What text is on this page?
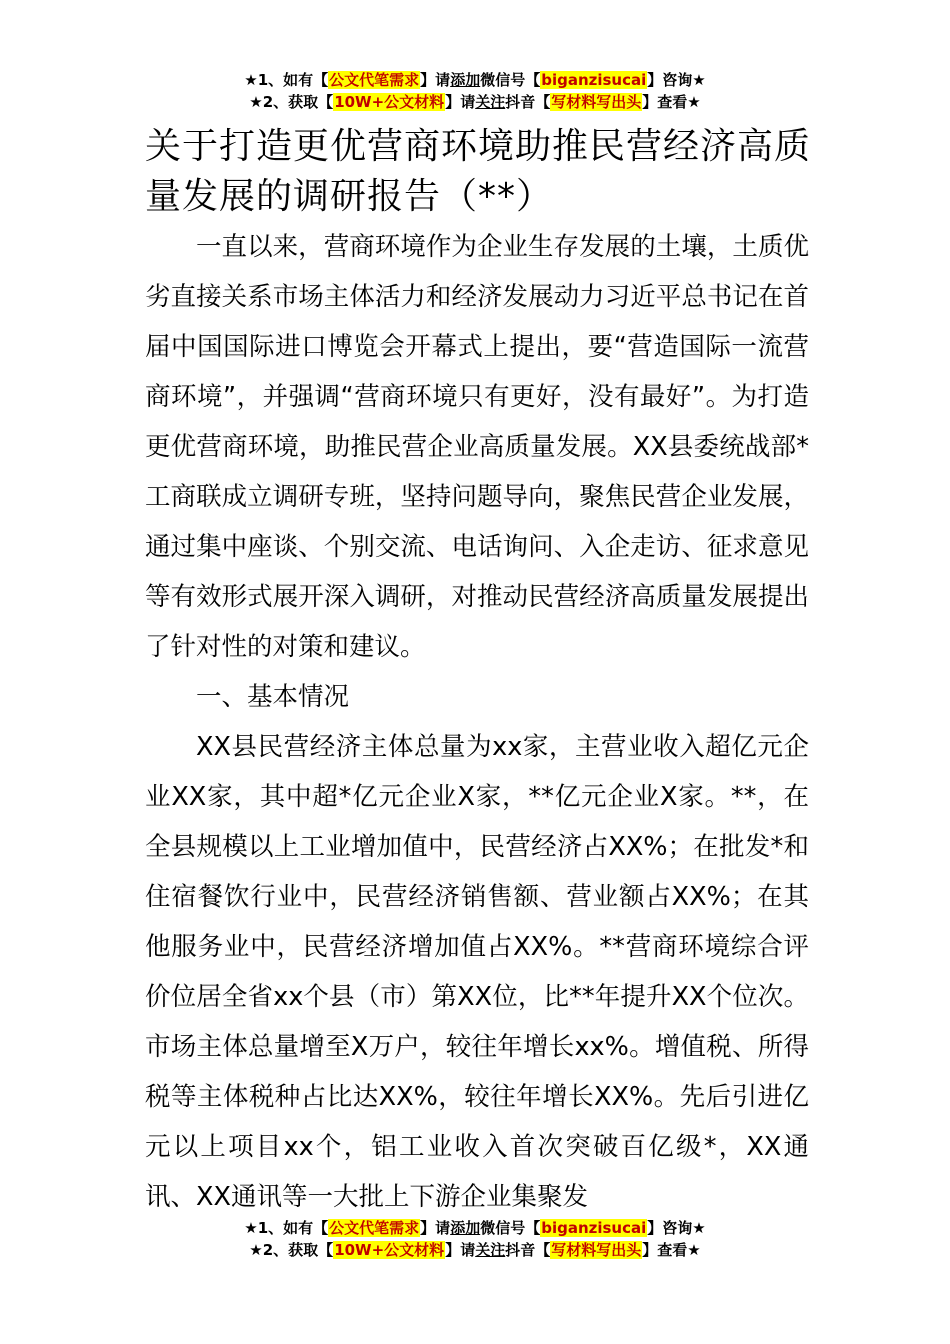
★1、如有【公文代笔需求】请添加微信号【biganzisucai】咨询★
★2、获取【10W+公文材料】请关注抖音【写材料写出头】查看★
关于打造更优营商环境助推民营经济高质量发展的调研报告（**）

一直以来，营商环境作为企业生存发展的土壤，土质优劣直接关系市场主体活力和经济发展动力习近平总书记在首届中国国际进口博览会开幕式上提出，要“营造国际一流营商环境”，并强调“营商环境只有更好，没有最好”。为打造更优营商环境，助推民营企业高质量发展。XX县委统战部*工商联成立调研专班，坚持问题导向，聚焦民营企业发展，通过集中座谈、个别交流、电话询问、入企走访、征求意见等有效形式展开深入调研，对推动民营经济高质量发展提出了针对性的对策和建议。

一、基本情况

XX县民营经济主体总量为xx家，主营业收入超亿元企业XX家，其中超*亿元企业X家，**亿元企业X家。**，在全县规模以上工业增加值中，民营经济占XX%；在批发*和住宿餐饮行业中，民营经济销售额、营业额占XX%；在其他服务业中，民营经济增加值占XX%。**营商环境综合评价位居全省xx个县（市）第XX位，比**年提升XX个位次。市场主体总量增至X万户，较往年增长xx%。增值税、所得税等主体税种占比达XX%，较往年增长XX%。先后引进亿元以上项目xx个，铝工业收入首次突破百亿级*，XX通讯、XX通讯等一大批上下游企业集聚发

★1、如有【公文代笔需求】请添加微信号【biganzisucai】咨询★
★2、获取【10W+公文材料】请关注抖音【写材料写出头】查看★
